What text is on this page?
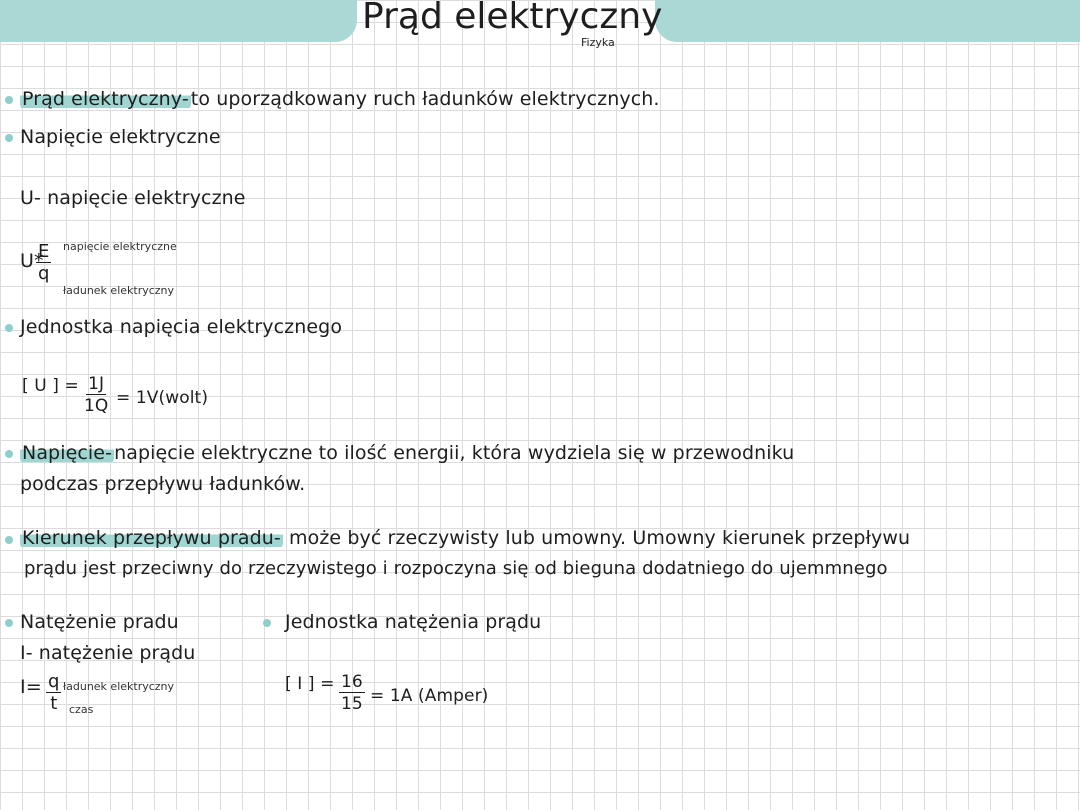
Prąd elektryczny
Fizyka
Prąd elektryczny- to uporządkowany ruch ładunków elektrycznych.
Napięcie elektryczne
U- napięcie elektryczne
U*
$\frac{E}{q}$ napięcie elektryczne
ładunek elektryczny
Jednostka napięcia elektrycznego
[ U ] = $\frac{1J}{1Q}$ = 1V(wolt)
Napięcie- napięcie elektryczne to ilość energii, która wydziela się w przewodniku
podczas przepływu ładunków.
Kierunek przepływu pradu- może być rzeczywisty lub umowny. Umowny kierunek przepływu
prądu jest przeciwny do rzeczywistego i rozpoczyna się od bieguna dodatniego do ujemmnego
Natężenie pradu
I- natężenie prądu
$I= \frac{q}{t}$ ładunek elektryczny
czas
Jednostka natężenia prądu
[ I ] = $\frac{16}{15} = 1A$ (Amper)
